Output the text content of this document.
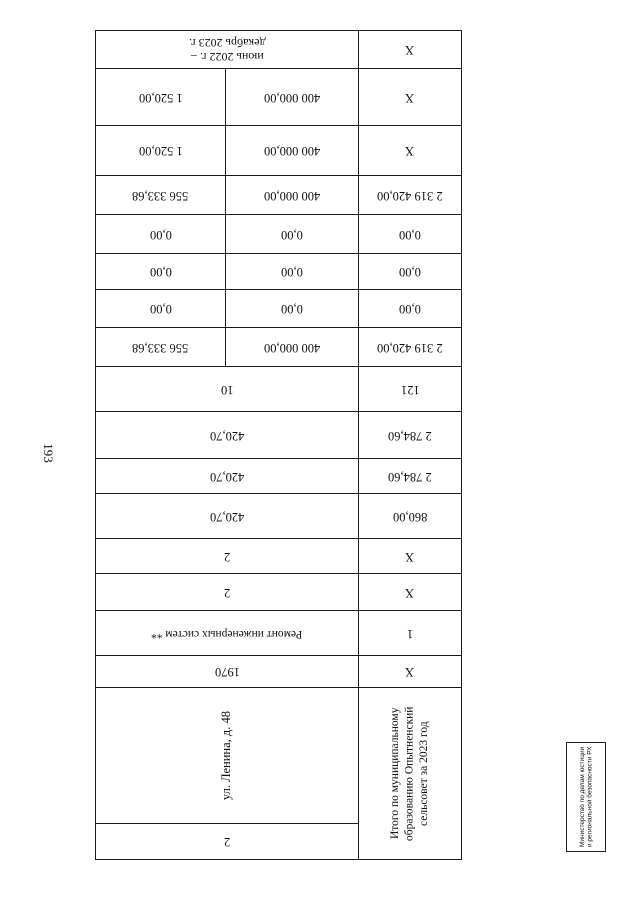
193
X
июнь 2022 г. –
декабрь 2023 г.
X
400 000,00
1 520,00
X
400 000,00
1 520,00
2 319 420,00
400 000,00
556 333,68
0,00
0,00
0,00
0,00
0,00
0,00
0,00
0,00
0,00
2 319 420,00
400 000,00
556 333,68
121
10
2 784,60
420,70
2 784,60
420,70
860,00
420,70
X
2
X
2
1
Ремонт инженерных систем **
X
1970
Итого по муниципальному образованию Опытненский сельсовет за 2023 год
ул. Ленина, д. 48
2	Министерство по делам юстиции и региональной безопасности РХ
